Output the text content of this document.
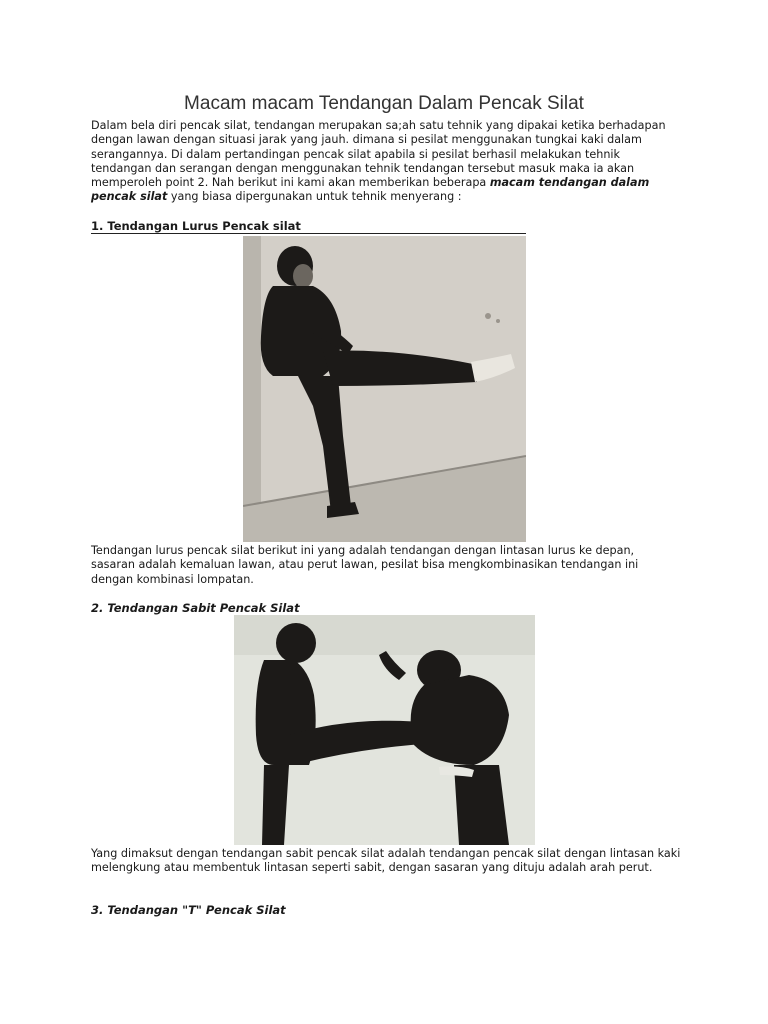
Macam macam Tendangan Dalam Pencak Silat
Dalam bela diri pencak silat, tendangan merupakan sa;ah satu tehnik yang dipakai ketika berhadapan dengan lawan dengan situasi jarak yang jauh. dimana si pesilat menggunakan tungkai kaki dalam serangannya. Di dalam pertandingan pencak silat apabila si pesilat berhasil melakukan tehnik tendangan dan serangan dengan menggunakan tehnik tendangan tersebut masuk maka ia akan memperoleh point 2. Nah berikut ini kami akan memberikan beberapa macam tendangan dalam pencak silat yang biasa dipergunakan untuk tehnik menyerang :
1. Tendangan Lurus Pencak silat
Tendangan lurus pencak silat berikut ini yang adalah tendangan dengan lintasan lurus ke depan, sasaran adalah kemaluan lawan, atau perut lawan, pesilat bisa mengkombinasikan tendangan ini dengan kombinasi lompatan.
2. Tendangan Sabit Pencak Silat
Yang dimaksut dengan tendangan sabit pencak silat adalah tendangan pencak silat dengan lintasan kaki melengkung atau membentuk lintasan seperti sabit, dengan sasaran yang dituju adalah arah perut.
3. Tendangan "T" Pencak Silat
